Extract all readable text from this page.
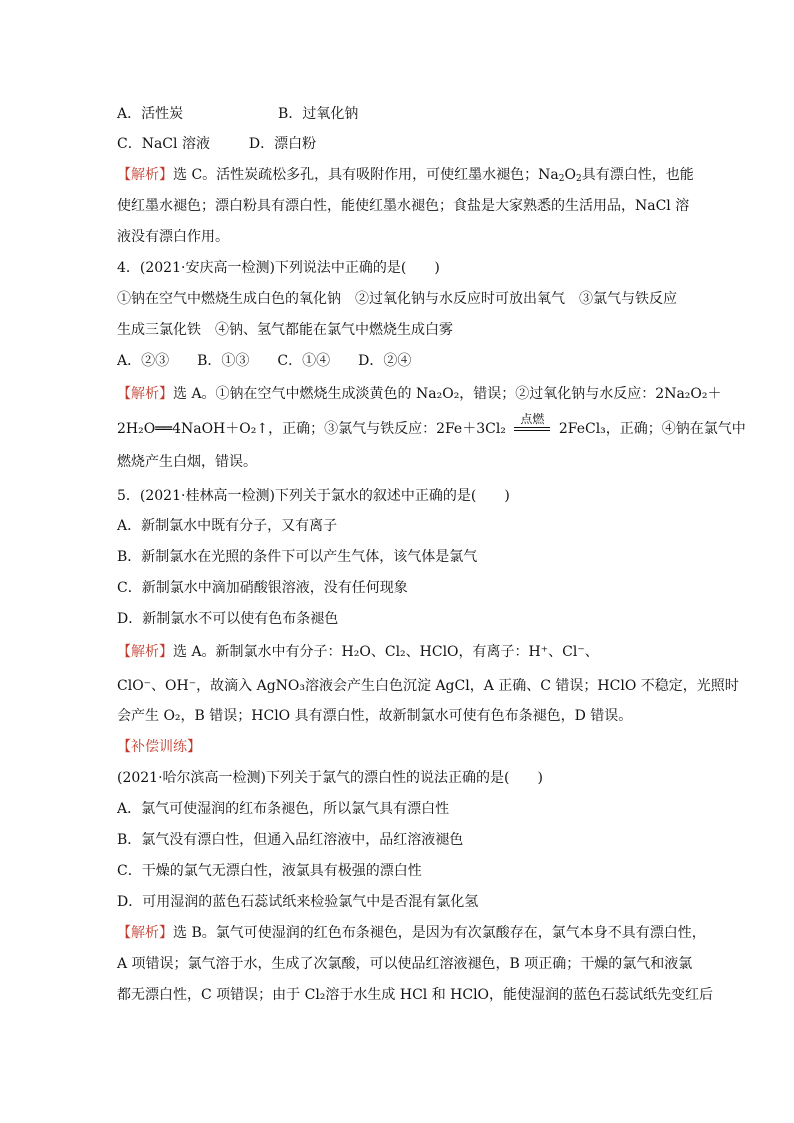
A．活性炭	B．过氧化钠
C．NaCl 溶液	D．漂白粉
【解析】选 C。活性炭疏松多孔，具有吸附作用，可使红墨水褪色；$Na_2O_2$具有漂白性，也能
使红墨水褪色；漂白粉具有漂白性，能使红墨水褪色；食盐是大家熟悉的生活用品，NaCl 溶
液没有漂白作用。
4．(2021·安庆高一检测)下列说法中正确的是(　　)
①钠在空气中燃烧生成白色的氧化钠　②过氧化钠与水反应时可放出氧气　③氯气与铁反应
生成三氯化铁　④钠、氢气都能在氯气中燃烧生成白雾
A．②③　　B．①③　　C．①④　　D．②④
【解析】选 A。①钠在空气中燃烧生成淡黄色的 Na₂O₂，错误；②过氧化钠与水反应：2Na₂O₂＋
2H₂O══4NaOH＋O₂↑，正确；③氯气与铁反应：2Fe＋3Cl₂
点燃
2FeCl₃，正确；④钠在氯气中
燃烧产生白烟，错误。
5．(2021·桂林高一检测)下列关于氯水的叙述中正确的是(　　)
A．新制氯水中既有分子，又有离子
B．新制氯水在光照的条件下可以产生气体，该气体是氯气
C．新制氯水中滴加硝酸银溶液，没有任何现象
D．新制氯水不可以使有色布条褪色
【解析】选 A。新制氯水中有分子：H₂O、Cl₂、HClO，有离子：H⁺、Cl⁻、
ClO⁻、OH⁻，故滴入 AgNO₃溶液会产生白色沉淀 AgCl，A 正确、C 错误；HClO 不稳定，光照时
会产生 O₂，B 错误；HClO 具有漂白性，故新制氯水可使有色布条褪色，D 错误。
【补偿训练】
(2021·哈尔滨高一检测)下列关于氯气的漂白性的说法正确的是(　　)
A．氯气可使湿润的红布条褪色，所以氯气具有漂白性
B．氯气没有漂白性，但通入品红溶液中，品红溶液褪色
C．干燥的氯气无漂白性，液氯具有极强的漂白性
D．可用湿润的蓝色石蕊试纸来检验氯气中是否混有氯化氢
【解析】选 B。氯气可使湿润的红色布条褪色，是因为有次氯酸存在，氯气本身不具有漂白性，
A 项错误；氯气溶于水，生成了次氯酸，可以使品红溶液褪色，B 项正确；干燥的氯气和液氯
都无漂白性，C 项错误；由于 Cl₂溶于水生成 HCl 和 HClO，能使湿润的蓝色石蕊试纸先变红后
